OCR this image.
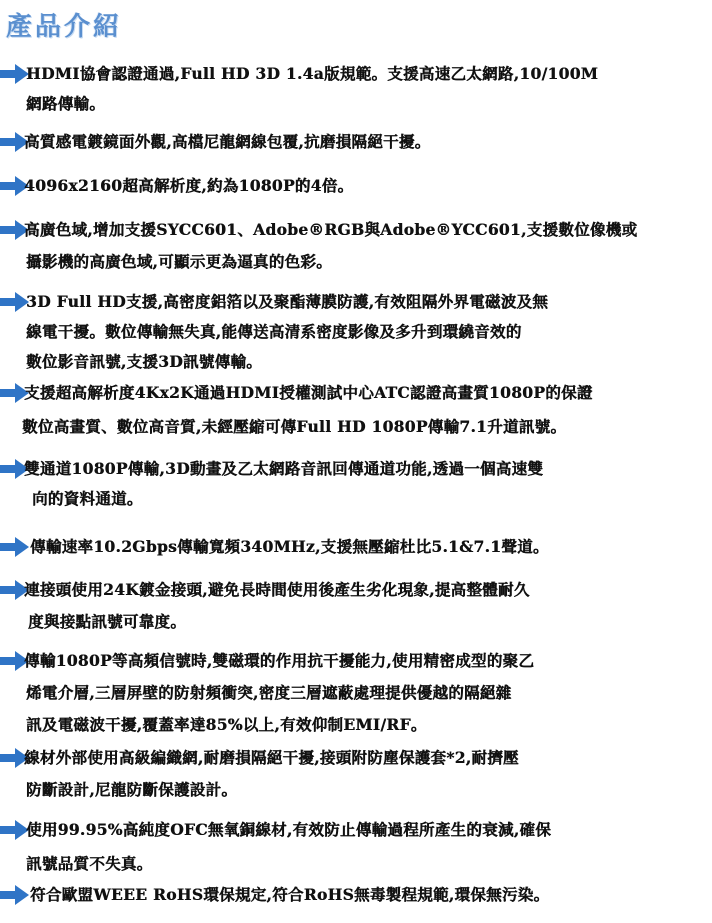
產品介紹
HDMI協會認證通過,Full HD 3D 1.4a版規範。支援高速乙太網路,10/100M
網路傳輸。
高質感電鍍鏡面外觀,高檔尼龍網線包覆,抗磨損隔絕干擾。
4096x2160超高解析度,約為1080P的4倍。
高廣色域,增加支援SYCC601、Adobe®RGB與Adobe®YCC601,支援數位像機或
攝影機的高廣色域,可顯示更為逼真的色彩。
3D Full HD支援,高密度鋁箔以及聚酯薄膜防護,有效阻隔外界電磁波及無
線電干擾。數位傳輸無失真,能傳送高清系密度影像及多升到環繞音效的
數位影音訊號,支援3D訊號傳輸。
支援超高解析度4Kx2K通過HDMI授權測試中心ATC認證高畫質1080P的保證
數位高畫質、數位高音質,未經壓縮可傳Full HD 1080P傳輸7.1升道訊號。
雙通道1080P傳輸,3D動畫及乙太網路音訊回傳通道功能,透過一個高速雙
向的資料通道。
傳輸速率10.2Gbps傳輸寬頻340MHz,支援無壓縮杜比5.1&7.1聲道。
連接頭使用24K鍍金接頭,避免長時間使用後產生劣化現象,提高整體耐久
度與接點訊號可靠度。
傳輸1080P等高頻信號時,雙磁環的作用抗干擾能力,使用精密成型的聚乙
烯電介層,三層屏壁的防射頻衝突,密度三層遮蔽處理提供優越的隔絕雜
訊及電磁波干擾,覆蓋率達85%以上,有效仰制EMI/RF。
線材外部使用高級編織網,耐磨損隔絕干擾,接頭附防塵保護套*2,耐擠壓
防斷設計,尼龍防斷保護設計。
使用99.95%高純度OFC無氧銅線材,有效防止傳輸過程所產生的衰減,確保
訊號品質不失真。
符合歐盟WEEE RoHS環保規定,符合RoHS無毒製程規範,環保無污染。
